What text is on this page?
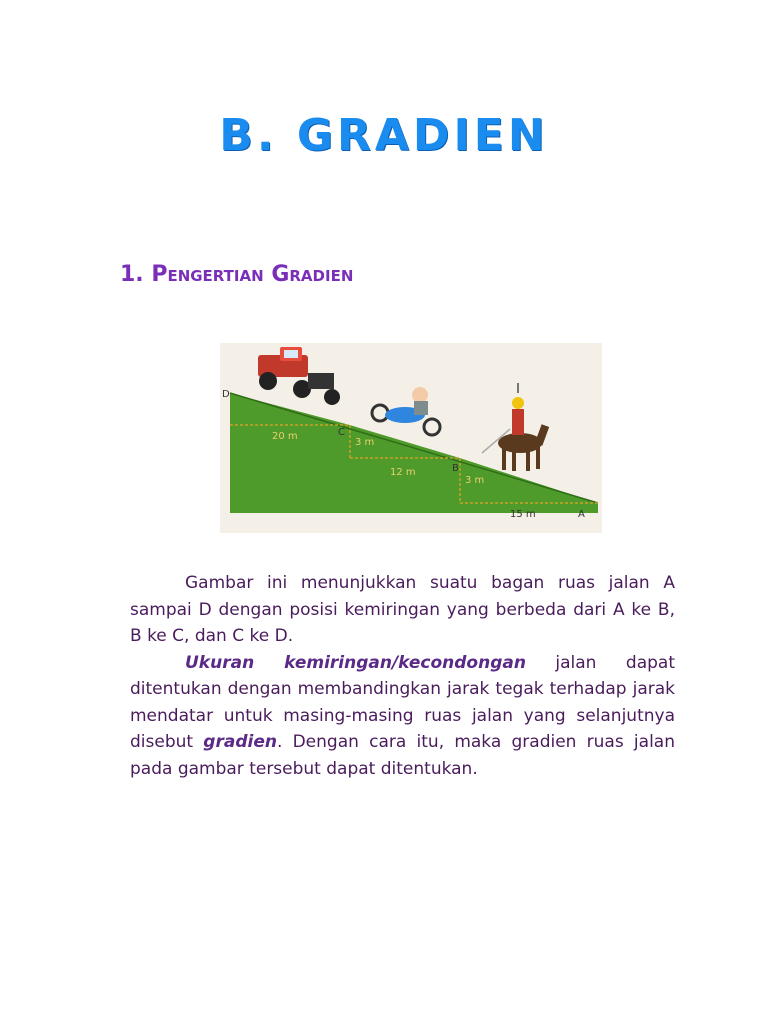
B. GRADIEN
1. Pengertian Gradien
D
C
B
A
20 m
3 m
12 m
3 m
15 m

Gambar ini menunjukkan suatu bagan ruas jalan A sampai D dengan posisi kemiringan yang berbeda dari A ke B, B ke C, dan C ke D.

Ukuran kemiringan/kecondongan jalan dapat ditentukan dengan membandingkan jarak tegak terhadap jarak mendatar untuk masing-masing ruas jalan yang selanjutnya disebut gradien. Dengan cara itu, maka gradien ruas jalan pada gambar tersebut dapat ditentukan.
